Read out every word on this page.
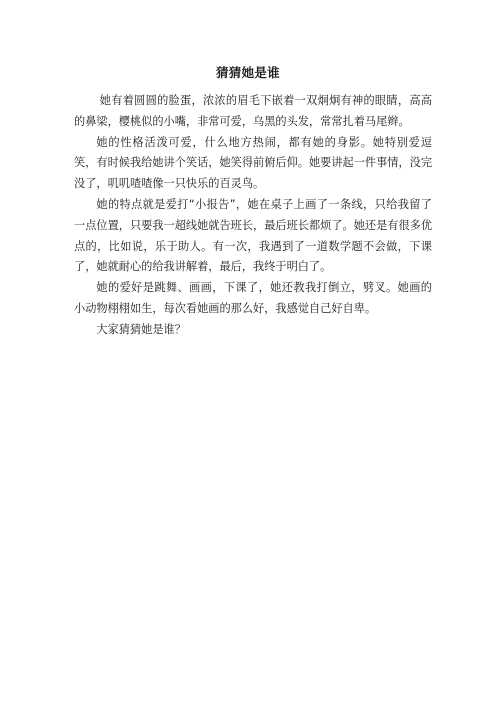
猜猜她是谁

她有着圆圆的脸蛋，浓浓的眉毛下嵌着一双炯炯有神的眼睛，高高的鼻梁，樱桃似的小嘴，非常可爱，乌黑的头发，常常扎着马尾辫。

她的性格活泼可爱，什么地方热闹，都有她的身影。她特别爱逗笑，有时候我给她讲个笑话，她笑得前俯后仰。她要讲起一件事情，没完没了，叽叽喳喳像一只快乐的百灵鸟。

她的特点就是爱打“小报告”，她在桌子上画了一条线，只给我留了一点位置，只要我一超线她就告班长，最后班长都烦了。她还是有很多优点的，比如说，乐于助人。有一次，我遇到了一道数学题不会做，下课了，她就耐心的给我讲解着，最后，我终于明白了。

她的爱好是跳舞、画画，下课了，她还教我打倒立，劈叉。她画的小动物栩栩如生，每次看她画的那么好，我感觉自己好自卑。

大家猜猜她是谁？
